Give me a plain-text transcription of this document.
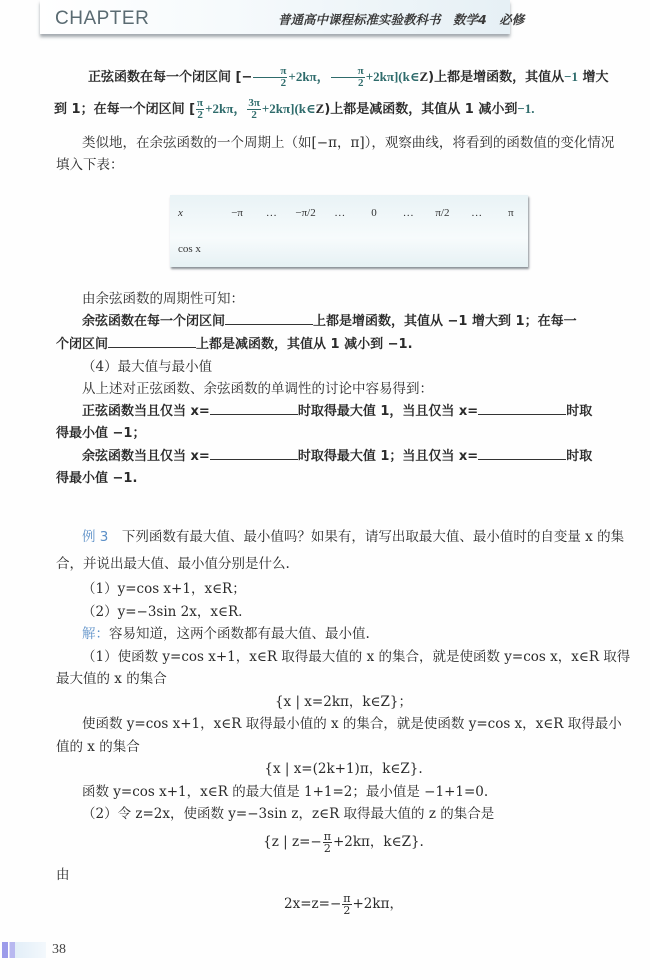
CHAPTER	普通高中课程标准实验教科书　数学4　必修
正弦函数在每一个闭区间 [− $\frac{\pi}{2} +2k\pi$， $\frac{\pi}{2}$ +2kπ](k∈Z)上都是增函数，其值从−1 增大
到 1；在每一个闭区间 [ $\frac{\pi}{2} +2k\pi$， $\frac{3\pi}{2}$ +2kπ](k∈Z)上都是减函数，其值从 1 减小到−1.
类似地，在余弦函数的一个周期上（如[−π，π]），观察曲线，将看到的函数值的变化情况填入下表：
x	−π	…	−π/2	…	0	…	π/2	…	π
cos x
由余弦函数的周期性可知：
余弦函数在每一个闭区间	上都是增函数，其值从 −1 增大到 1；在每一
个闭区间	上都是减函数，其值从 1 减小到 −1.
（4）最大值与最小值
从上述对正弦函数、余弦函数的单调性的讨论中容易得到：
正弦函数当且仅当 x=	时取得最大值 1，当且仅当 x=	时取
得最小值 −1；
余弦函数当且仅当 x=	时取得最大值 1；当且仅当 x=	时取
得最小值 −1.
例 3　 下列函数有最大值、最小值吗？如果有，请写出取最大值、最小值时的自变量 x 的集合，并说出最大值、最小值分别是什么.
（1）y=cos x+1，x∈R；
（2）y=−3sin 2x，x∈R.
解：容易知道，这两个函数都有最大值、最小值.
（1）使函数 y=cos x+1，x∈R 取得最大值的 x 的集合，就是使函数 y=cos x，x∈R 取得最大值的 x 的集合
{x | x=2kπ，k∈Z}；
使函数 y=cos x+1，x∈R 取得最小值的 x 的集合，就是使函数 y=cos x，x∈R 取得最小值的 x 的集合
{x | x=(2k+1)π，k∈Z}.
函数 y=cos x+1，x∈R 的最大值是 1+1=2；最小值是 −1+1=0.
（2）令 z=2x，使函数 y=−3sin z，z∈R 取得最大值的 z 的集合是
{z | $z=- \frac{\pi}{2} +2k\pi$，k∈Z}.
由
$2x=z=- \frac{\pi}{2} +2k\pi$，
38
